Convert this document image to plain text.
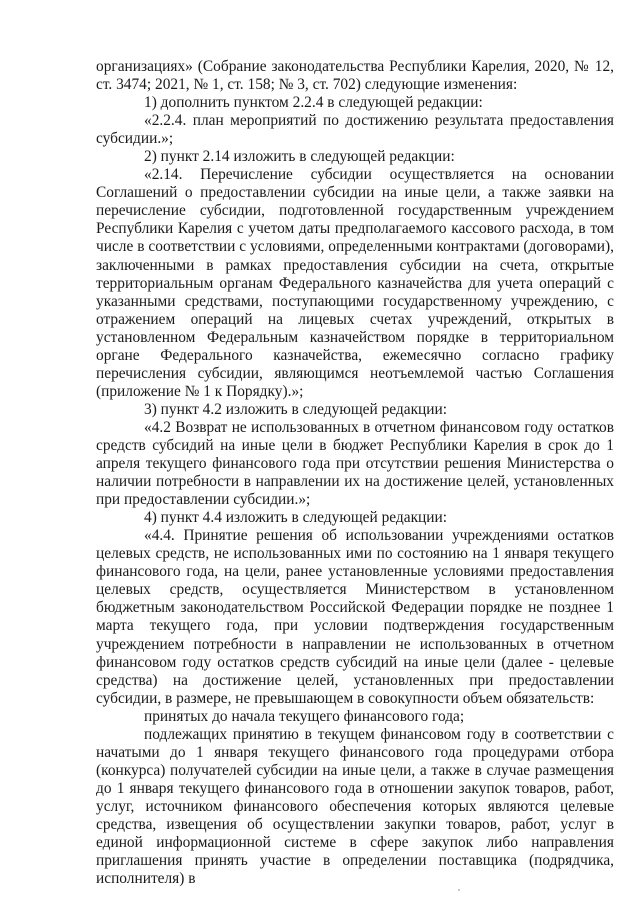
организациях» (Собрание законодательства Республики Карелия, 2020, № 12, ст. 3474; 2021, № 1, ст. 158; № 3, ст. 702) следующие изменения:

1) дополнить пунктом 2.2.4 в следующей редакции:

«2.2.4. план мероприятий по достижению результата предоставления субсидии.»;

2) пункт 2.14 изложить в следующей редакции:

«2.14. Перечисление субсидии осуществляется на основании Соглашений о предоставлении субсидии на иные цели, а также заявки на перечисление субсидии, подготовленной государственным учреждением Республики Карелия с учетом даты предполагаемого кассового расхода, в том числе в соответствии с условиями, определенными контрактами (договорами), заключенными в рамках предоставления субсидии на счета, открытые территориальным органам Федерального казначейства для учета операций с указанными средствами, поступающими государственному учреждению, с отражением операций на лицевых счетах учреждений, открытых в установленном Федеральным казначейством порядке в территориальном органе Федерального казначейства, ежемесячно согласно графику перечисления субсидии, являющимся неотъемлемой частью Соглашения (приложение № 1 к Порядку).»;

3) пункт 4.2 изложить в следующей редакции:

«4.2 Возврат не использованных в отчетном финансовом году остатков средств субсидий на иные цели в бюджет Республики Карелия в срок до 1 апреля текущего финансового года при отсутствии решения Министерства о наличии потребности в направлении их на достижение целей, установленных при предоставлении субсидии.»;

4) пункт 4.4 изложить в следующей редакции:

«4.4. Принятие решения об использовании учреждениями остатков целевых средств, не использованных ими по состоянию на 1 января текущего финансового года, на цели, ранее установленные условиями предоставления целевых средств, осуществляется Министерством в установленном бюджетным законодательством Российской Федерации порядке не позднее 1 марта текущего года, при условии подтверждения государственным учреждением потребности в направлении не использованных в отчетном финансовом году остатков средств субсидий на иные цели (далее - целевые средства) на достижение целей, установленных при предоставлении субсидии, в размере, не превышающем в совокупности объем обязательств:

принятых до начала текущего финансового года;

подлежащих принятию в текущем финансовом году в соответствии с начатыми до 1 января текущего финансового года процедурами отбора (конкурса) получателей субсидии на иные цели, а также в случае размещения до 1 января текущего финансового года в отношении закупок товаров, работ, услуг, источником финансового обеспечения которых являются целевые средства, извещения об осуществлении закупки товаров, работ, услуг в единой информационной системе в сфере закупок либо направления приглашения принять участие в определении поставщика (подрядчика, исполнителя) в
